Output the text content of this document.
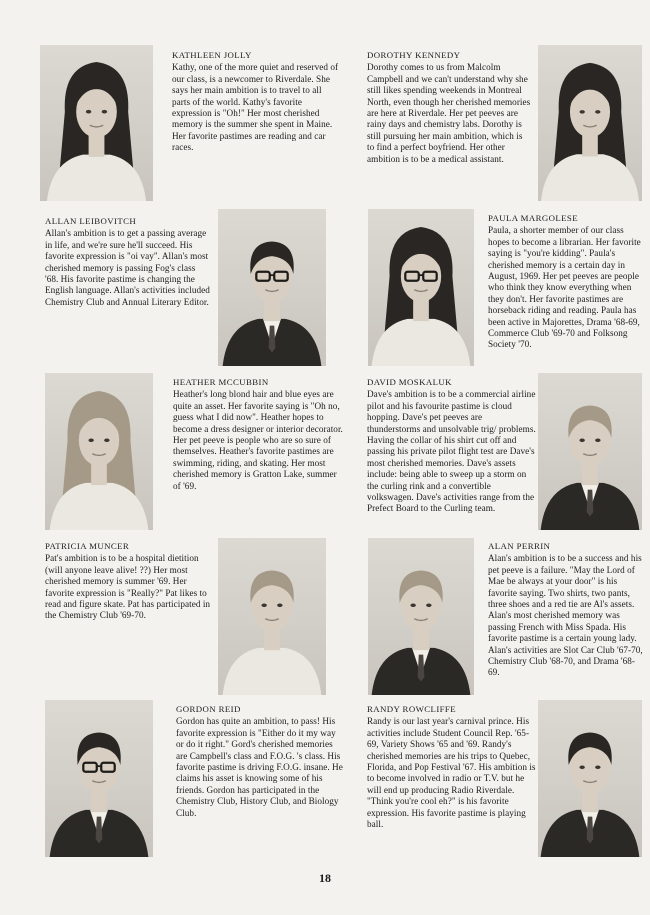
KATHLEEN JOLLY

Kathy, one of the more quiet and reserved of our class, is a newcomer to Riverdale. She says her main ambition is to travel to all parts of the world. Kathy's favorite expression is "Oh!" Her most cherished memory is the summer she spent in Maine. Her favorite pastimes are reading and car races.

DOROTHY KENNEDY

Dorothy comes to us from Malcolm Campbell and we can't understand why she still likes spending weekends in Montreal North, even though her cherished memories are here at Riverdale. Her pet peeves are rainy days and chemistry labs. Dorothy is still pursuing her main ambition, which is to find a perfect boyfriend. Her other ambition is to be a medical assistant.

ALLAN LEIBOVITCH

Allan's ambition is to get a passing average in life, and we're sure he'll succeed. His favorite expression is "oi vay". Allan's most cherished memory is passing Fog's class '68. His favorite pastime is changing the English language. Allan's activities included Chemistry Club and Annual Literary Editor.

PAULA MARGOLESE

Paula, a shorter member of our class hopes to become a librarian. Her favorite saying is "you're kidding". Paula's cherished memory is a certain day in August, 1969. Her pet peeves are people who think they know everything when they don't. Her favorite pastimes are horseback riding and reading. Paula has been active in Majorettes, Drama '68-69, Commerce Club '69-70 and Folksong Society '70.

HEATHER MCCUBBIN

Heather's long blond hair and blue eyes are quite an asset. Her favorite saying is "Oh no, guess what I did now". Heather hopes to become a dress designer or interior decorator. Her pet peeve is people who are so sure of themselves. Heather's favorite pastimes are swimming, riding, and skating. Her most cherished memory is Gratton Lake, summer of '69.

DAVID MOSKALUK

Dave's ambition is to be a commercial airline pilot and his favourite pastime is cloud hopping. Dave's pet peeves are thunderstorms and unsolvable trig/ problems. Having the collar of his shirt cut off and passing his private pilot flight test are Dave's most cherished memories. Dave's assets include: being able to sweep up a storm on the curling rink and a convertible volkswagen. Dave's activities range from the Prefect Board to the Curling team.

PATRICIA MUNCER

Pat's ambition is to be a hospital dietition (will anyone leave alive! ??) Her most cherished memory is summer '69. Her favorite expression is "Really?" Pat likes to read and figure skate. Pat has participated in the Chemistry Club '69-70.

ALAN PERRIN

Alan's ambition is to be a success and his pet peeve is a failure. "May the Lord of Mae be always at your door" is his favorite saying. Two shirts, two pants, three shoes and a red tie are Al's assets. Alan's most cherished memory was passing French with Miss Spada. His favorite pastime is a certain young lady. Alan's activities are Slot Car Club '67-70, Chemistry Club '68-70, and Drama '68-69.

GORDON REID

Gordon has quite an ambition, to pass! His favorite expression is "Either do it my way or do it right." Gord's cherished memories are Campbell's class and F.O.G. 's class. His favorite pastime is driving F.O.G. insane. He claims his asset is knowing some of his friends. Gordon has participated in the Chemistry Club, History Club, and Biology Club.

RANDY ROWCLIFFE

Randy is our last year's carnival prince. His activities include Student Council Rep. '65-69, Variety Shows '65 and '69. Randy's cherished memories are his trips to Quebec, Florida, and Pop Festival '67. His ambition is to become involved in radio or T.V. but he will end up producing Radio Riverdale. "Think you're cool eh?" is his favorite expression. His favorite pastime is playing ball.

18
